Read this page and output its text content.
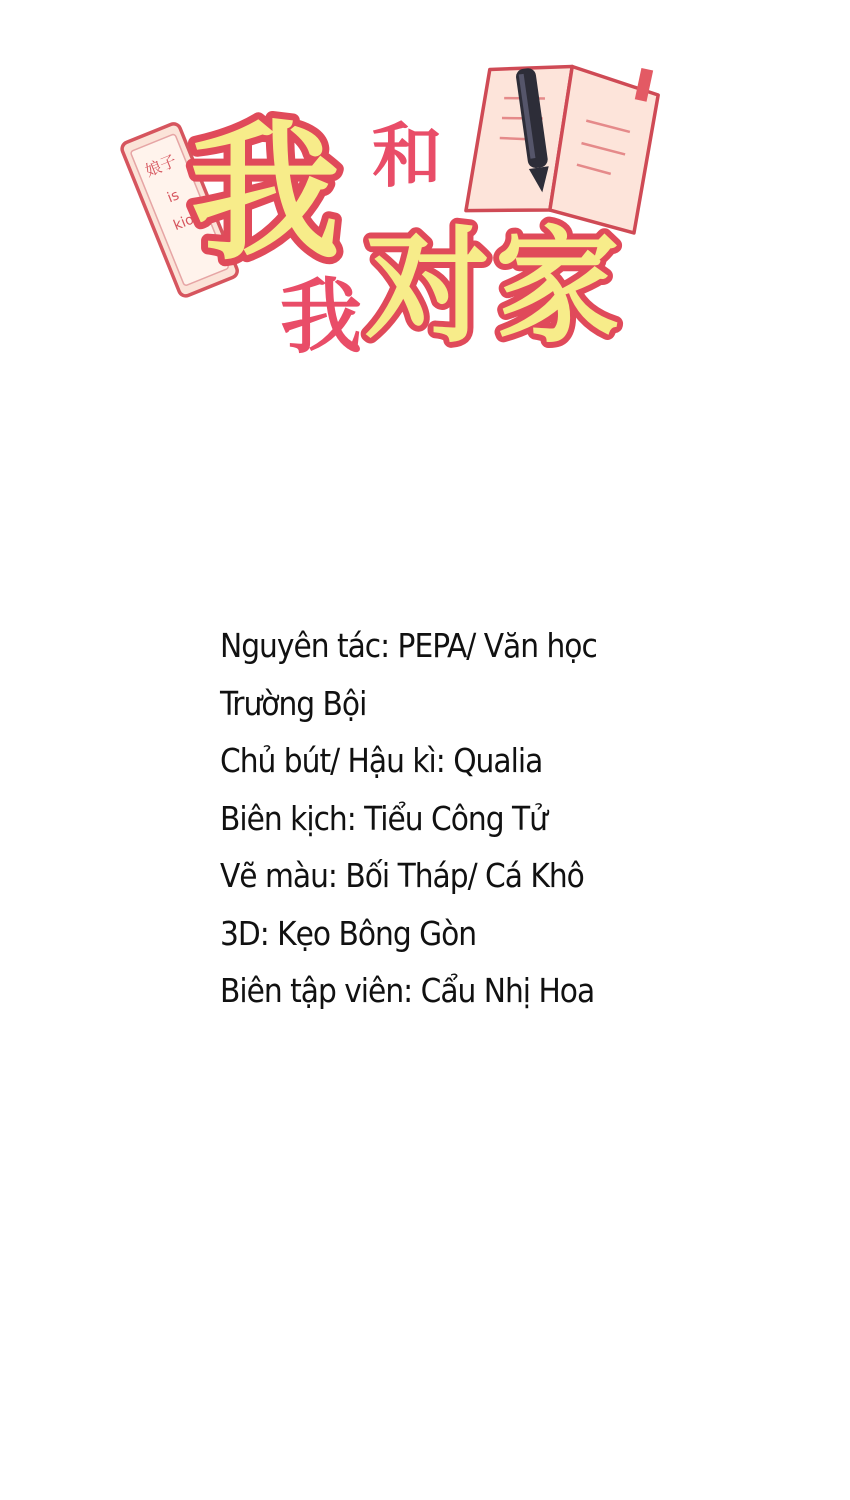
娘子
is
kio
我 和
我 对 家
Nguyên tác: PEPA/ Văn học
Trường Bội
Chủ bút/ Hậu kì: Qualia
Biên kịch: Tiểu Công Tử
Vẽ màu: Bối Tháp/ Cá Khô
3D: Kẹo Bông Gòn
Biên tập viên: Cẩu Nhị Hoa
